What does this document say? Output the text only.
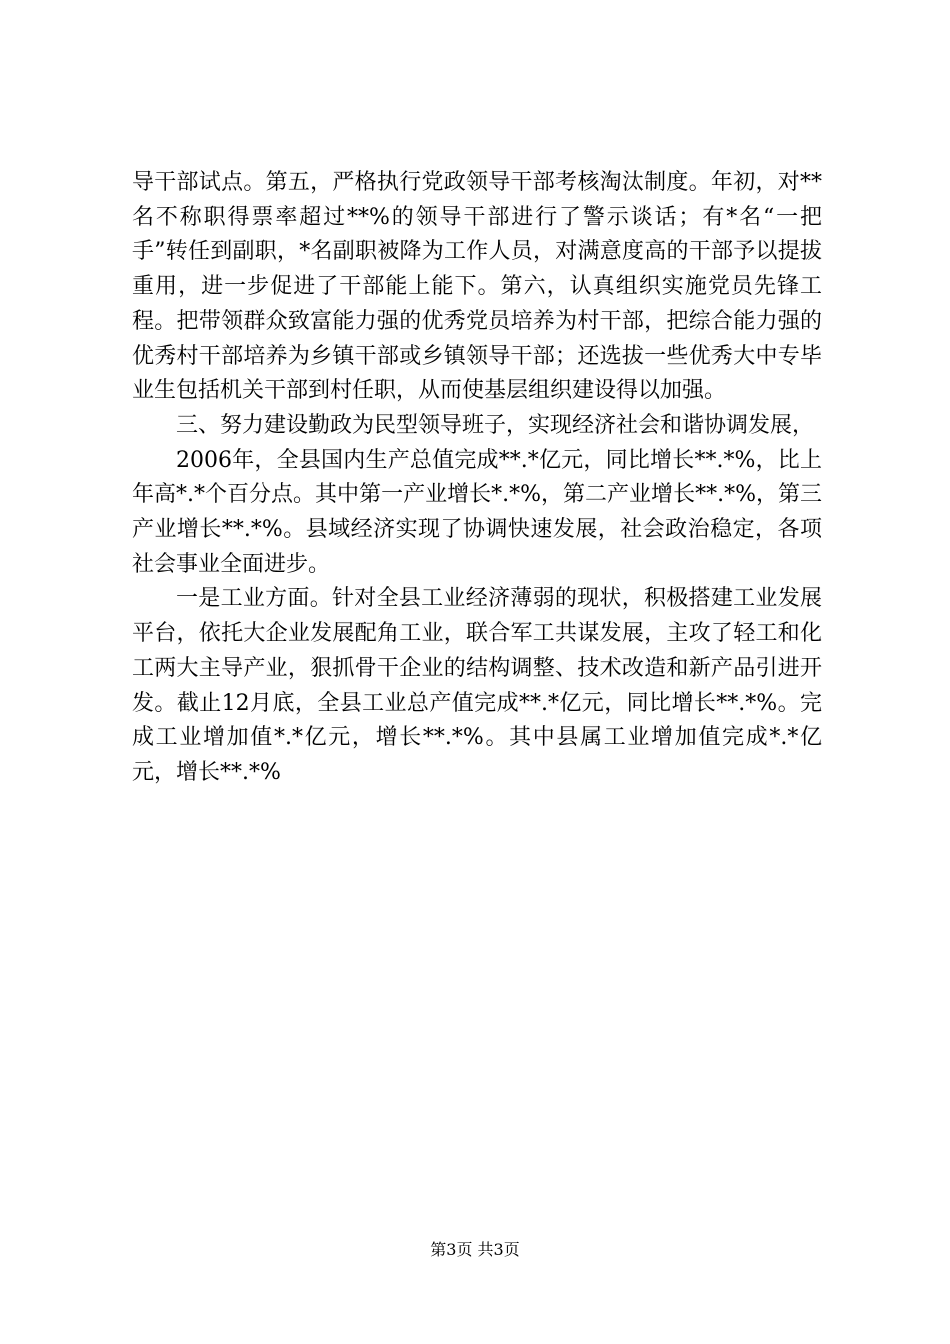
导干部试点。第五，严格执行党政领导干部考核淘汰制度。年初，对**名不称职得票率超过**%的领导干部进行了警示谈话；有*名“一把手”转任到副职，*名副职被降为工作人员，对满意度高的干部予以提拔重用，进一步促进了干部能上能下。第六，认真组织实施党员先锋工程。把带领群众致富能力强的优秀党员培养为村干部，把综合能力强的优秀村干部培养为乡镇干部或乡镇领导干部；还选拔一些优秀大中专毕业生包括机关干部到村任职，从而使基层组织建设得以加强。

三、努力建设勤政为民型领导班子，实现经济社会和谐协调发展，

2006年，全县国内生产总值完成**.*亿元，同比增长**.*%，比上年高*.*个百分点。其中第一产业增长*.*%，第二产业增长**.*%，第三产业增长**.*%。县域经济实现了协调快速发展，社会政治稳定，各项社会事业全面进步。

一是工业方面。针对全县工业经济薄弱的现状，积极搭建工业发展平台，依托大企业发展配角工业，联合军工共谋发展，主攻了轻工和化工两大主导产业，狠抓骨干企业的结构调整、技术改造和新产品引进开发。截止12月底，全县工业总产值完成**.*亿元，同比增长**.*%。完成工业增加值*.*亿元，增长**.*%。其中县属工业增加值完成*.*亿元，增长**.*%

第3页 共3页
